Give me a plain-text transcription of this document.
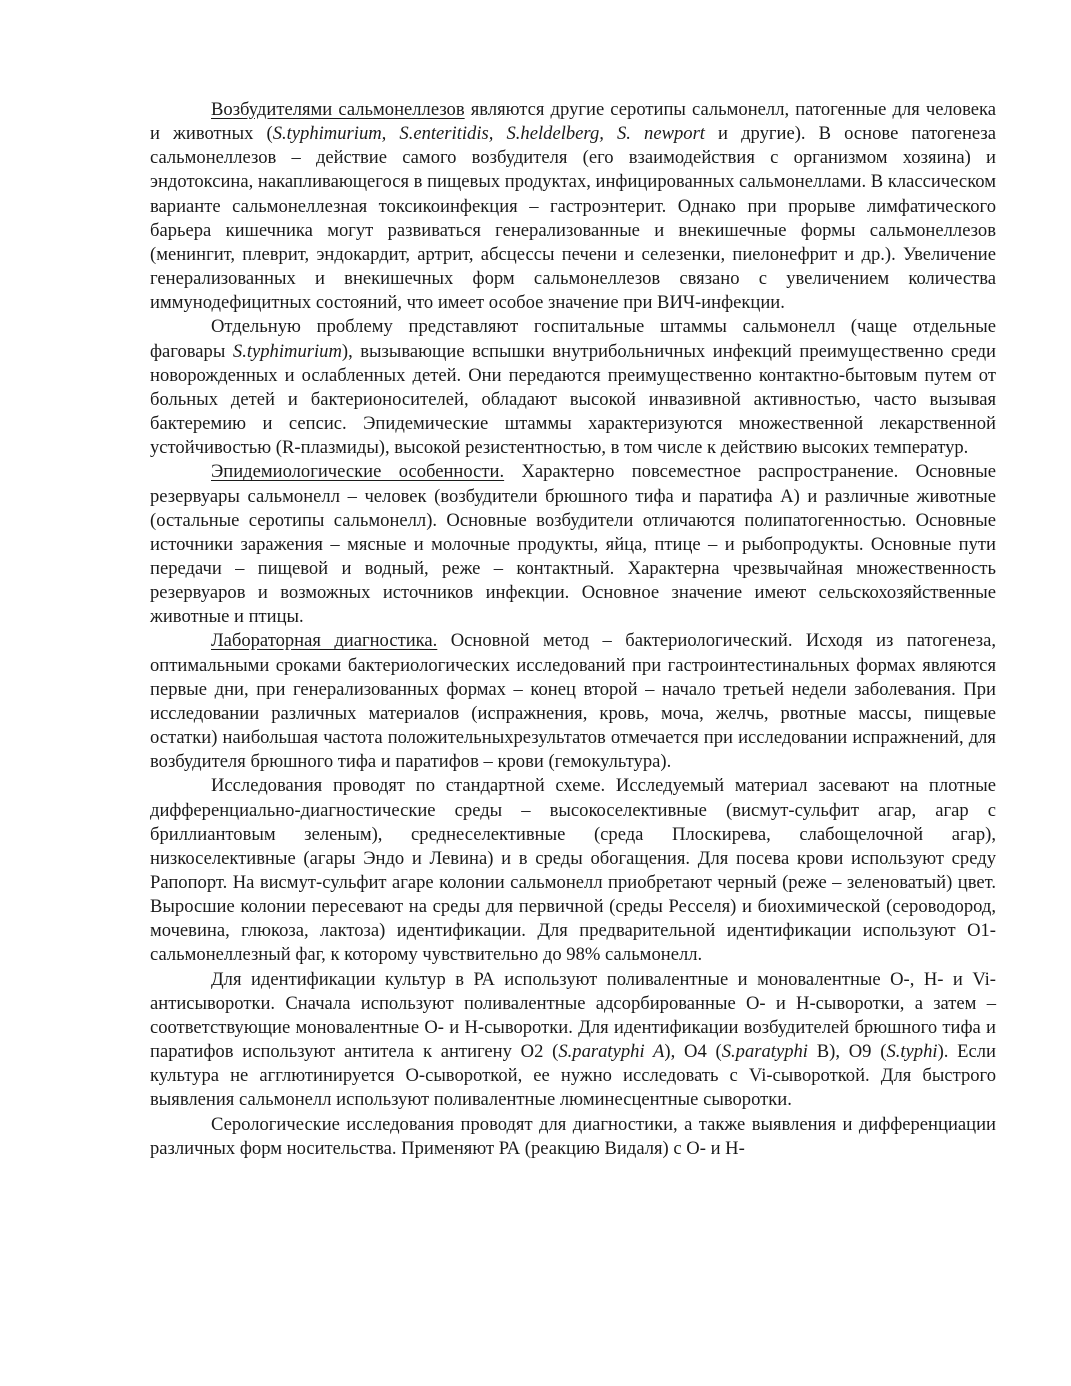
Возбудителями сальмонеллезов являются другие серотипы сальмонелл, патогенные для человека и животных (S.typhimurium, S.enteritidis, S.heldelberg, S. newport и другие). В основе патогенеза сальмонеллезов – действие самого возбудителя (его взаимодействия с организмом хозяина) и эндотоксина, накапливающегося в пищевых продуктах, инфицированных сальмонеллами. В классическом варианте сальмонеллезная токсикоинфекция – гастроэнтерит. Однако при прорыве лимфатического барьера кишечника могут развиваться генерализованные и внекишечные формы сальмонеллезов (менингит, плеврит, эндокардит, артрит, абсцессы печени и селезенки, пиелонефрит и др.). Увеличение генерализованных и внекишечных форм сальмонеллезов связано с увеличением количества иммунодефицитных состояний, что имеет особое значение при ВИЧ-инфекции.

Отдельную проблему представляют госпитальные штаммы сальмонелл (чаще отдельные фаговары S.typhimurium), вызывающие вспышки внутрибольничных инфекций преимущественно среди новорожденных и ослабленных детей. Они передаются преимущественно контактно-бытовым путем от больных детей и бактерионосителей, обладают высокой инвазивной активностью, часто вызывая бактеремию и сепсис. Эпидемические штаммы характеризуются множественной лекарственной устойчивостью (R-плазмиды), высокой резистентностью, в том числе к действию высоких температур.

Эпидемиологические особенности. Характерно повсеместное распространение. Основные резервуары сальмонелл – человек (возбудители брюшного тифа и паратифа А) и различные животные (остальные серотипы сальмонелл). Основные возбудители отличаются полипатогенностью. Основные источники заражения – мясные и молочные продукты, яйца, птице – и рыбопродукты. Основные пути передачи – пищевой и водный, реже – контактный. Характерна чрезвычайная множественность резервуаров и возможных источников инфекции. Основное значение имеют сельскохозяйственные животные и птицы.

Лабораторная диагностика. Основной метод – бактериологический. Исходя из патогенеза, оптимальными сроками бактериологических исследований при гастроинтестинальных формах являются первые дни, при генерализованных формах – конец второй – начало третьей недели заболевания. При исследовании различных материалов (испражнения, кровь, моча, желчь, рвотные массы, пищевые остатки) наибольшая частота положительныхрезультатов отмечается при исследовании испражнений, для возбудителя брюшного тифа и паратифов – крови (гемокультура).

Исследования проводят по стандартной схеме. Исследуемый материал засевают на плотные дифференциально-диагностические среды – высокоселективные (висмут-сульфит агар, агар с бриллиантовым зеленым), среднеселективные (среда Плоскирева, слабощелочной агар), низкоселективные (агары Эндо и Левина) и в среды обогащения. Для посева крови используют среду Рапопорт. На висмут-сульфит агаре колонии сальмонелл приобретают черный (реже – зеленоватый) цвет. Выросшие колонии пересевают на среды для первичной (среды Ресселя) и биохимической (сероводород, мочевина, глюкоза, лактоза) идентификации. Для предварительной идентификации используют О1-сальмонеллезный фаг, к которому чувствительно до 98% сальмонелл.

Для идентификации культур в РА используют поливалентные и моновалентные О-, Н- и Vi-антисыворотки. Сначала используют поливалентные адсорбированные О- и Н-сыворотки, а затем – соответствующие моновалентные О- и Н-сыворотки. Для идентификации возбудителей брюшного тифа и паратифов используют антитела к антигену О2 (S.paratyphi A), О4 (S.paratyphi В), О9 (S.typhi). Если культура не агглютинируется О-сывороткой, ее нужно исследовать с Vi-сывороткой. Для быстрого выявления сальмонелл используют поливалентные люминесцентные сыворотки.

Серологические исследования проводят для диагностики, а также выявления и дифференциации различных форм носительства. Применяют РА (реакцию Видаля) с О- и Н-
